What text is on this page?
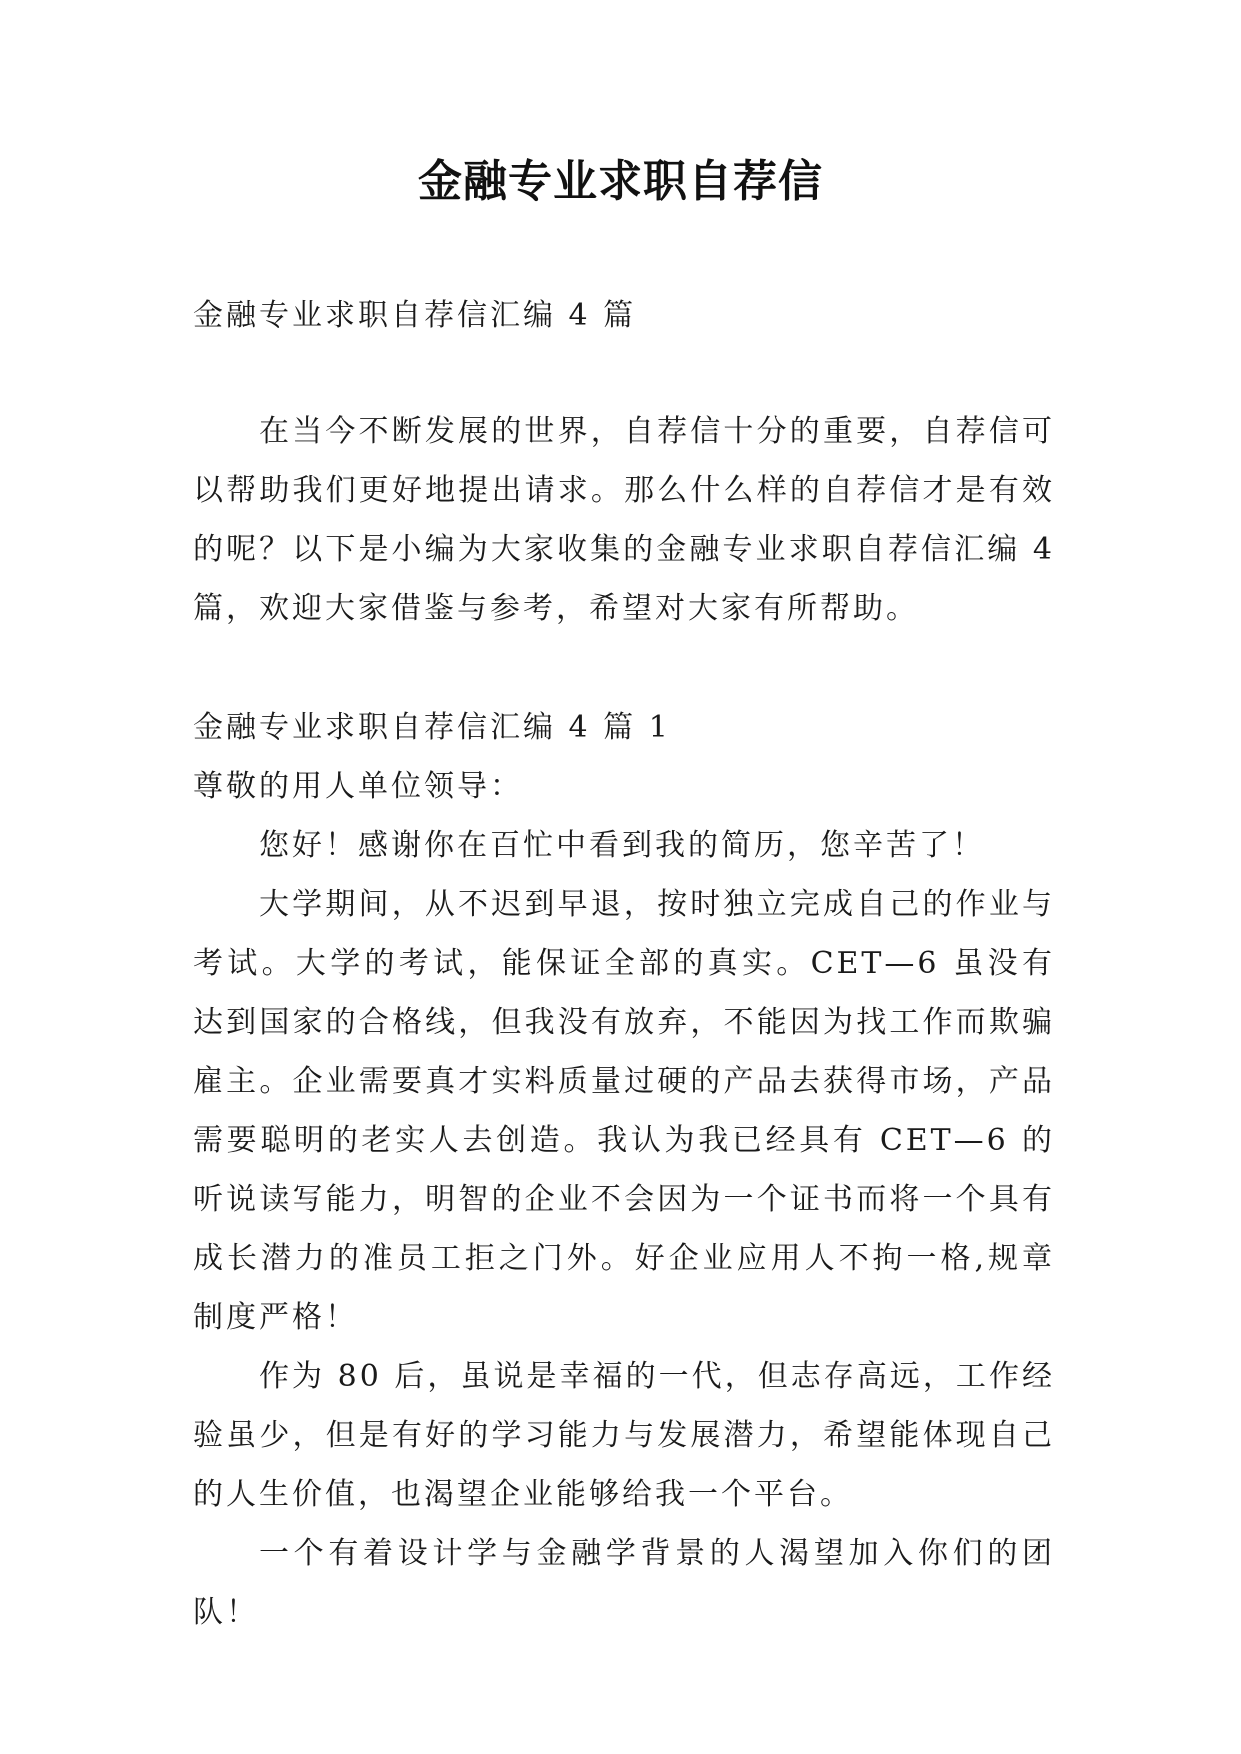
金融专业求职自荐信
金融专业求职自荐信汇编 4 篇
在当今不断发展的世界，自荐信十分的重要，自荐信可以帮助我们更好地提出请求。那么什么样的自荐信才是有效的呢？以下是小编为大家收集的金融专业求职自荐信汇编 4 篇，欢迎大家借鉴与参考，希望对大家有所帮助。

金融专业求职自荐信汇编 4 篇 1

尊敬的用人单位领导：

您好！感谢你在百忙中看到我的简历，您辛苦了！

大学期间，从不迟到早退，按时独立完成自己的作业与考试。大学的考试，能保证全部的真实。CET—6 虽没有达到国家的合格线，但我没有放弃，不能因为找工作而欺骗雇主。企业需要真才实料质量过硬的产品去获得市场，产品需要聪明的老实人去创造。我认为我已经具有 CET—6 的听说读写能力，明智的企业不会因为一个证书而将一个具有成长潜力的准员工拒之门外。好企业应用人不拘一格,规章制度严格！

作为 80 后，虽说是幸福的一代，但志存高远，工作经验虽少，但是有好的学习能力与发展潜力，希望能体现自己的人生价值，也渴望企业能够给我一个平台。

一个有着设计学与金融学背景的人渴望加入你们的团队！
